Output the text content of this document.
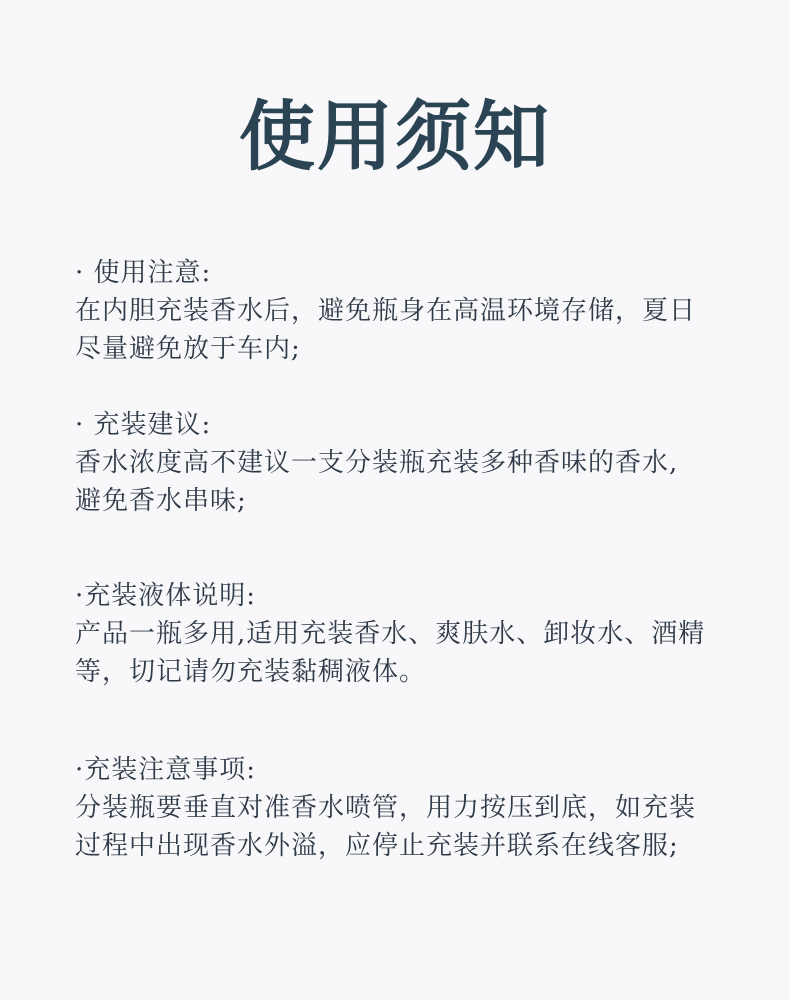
使用须知
· 使用注意:

在内胆充装香水后，避免瓶身在高温环境存储，夏日

尽量避免放于车内;

· 充装建议:

香水浓度高不建议一支分装瓶充装多种香味的香水,

避免香水串味;

·充装液体说明:

产品一瓶多用,适用充装香水、爽肤水、卸妆水、酒精

等，切记请勿充装黏稠液体。

·充装注意事项:

分装瓶要垂直对准香水喷管，用力按压到底，如充装

过程中出现香水外溢，应停止充装并联系在线客服;
